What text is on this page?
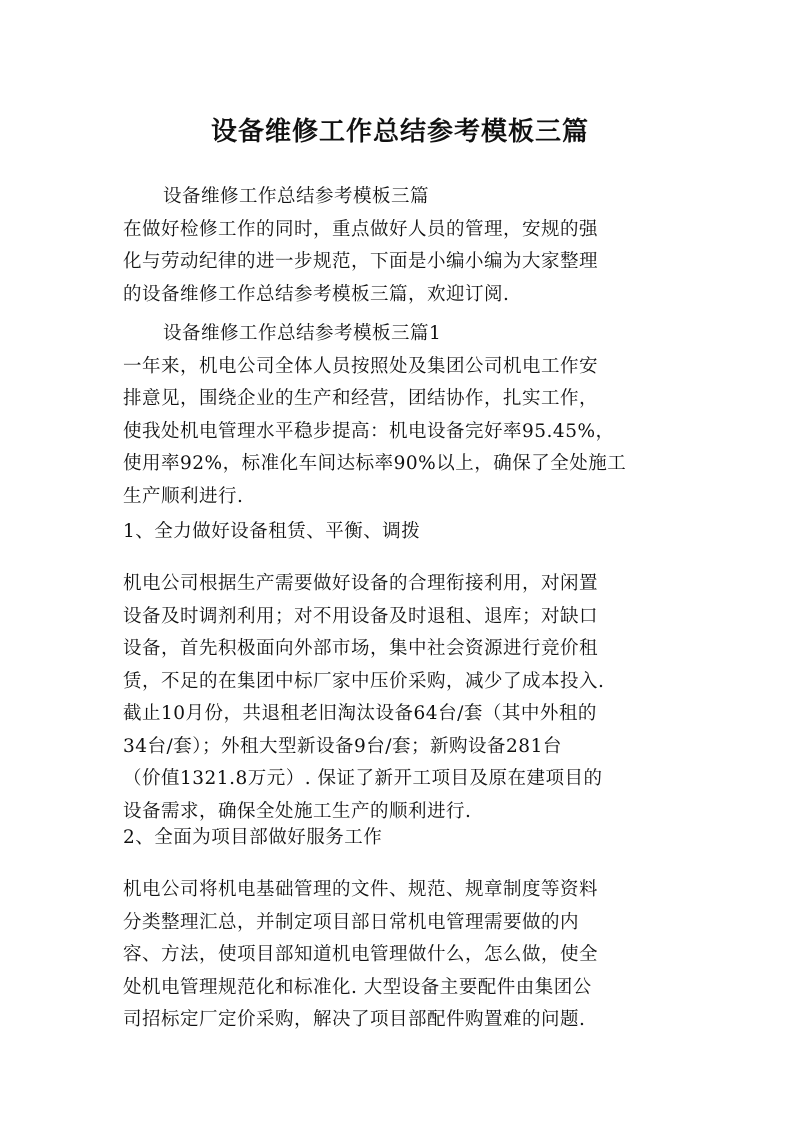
设备维修工作总结参考模板三篇
设备维修工作总结参考模板三篇
在做好检修工作的同时，重点做好人员的管理，安规的强
化与劳动纪律的进一步规范，下面是小编小编为大家整理
的设备维修工作总结参考模板三篇，欢迎订阅.
设备维修工作总结参考模板三篇1
一年来，机电公司全体人员按照处及集团公司机电工作安
排意见，围绕企业的生产和经营，团结协作，扎实工作，
使我处机电管理水平稳步提高：机电设备完好率95.45%，
使用率92%，标准化车间达标率90%以上，确保了全处施工
生产顺利进行.
1、全力做好设备租赁、平衡、调拨
机电公司根据生产需要做好设备的合理衔接利用，对闲置
设备及时调剂利用；对不用设备及时退租、退库；对缺口
设备，首先积极面向外部市场，集中社会资源进行竞价租
赁，不足的在集团中标厂家中压价采购，减少了成本投入.
截止10月份，共退租老旧淘汰设备64台/套（其中外租的
34台/套）；外租大型新设备9台/套；新购设备281台
（价值1321.8万元）. 保证了新开工项目及原在建项目的
设备需求，确保全处施工生产的顺利进行.
2、全面为项目部做好服务工作
机电公司将机电基础管理的文件、规范、规章制度等资料
分类整理汇总，并制定项目部日常机电管理需要做的内
容、方法，使项目部知道机电管理做什么，怎么做，使全
处机电管理规范化和标准化. 大型设备主要配件由集团公
司招标定厂定价采购，解决了项目部配件购置难的问题.
